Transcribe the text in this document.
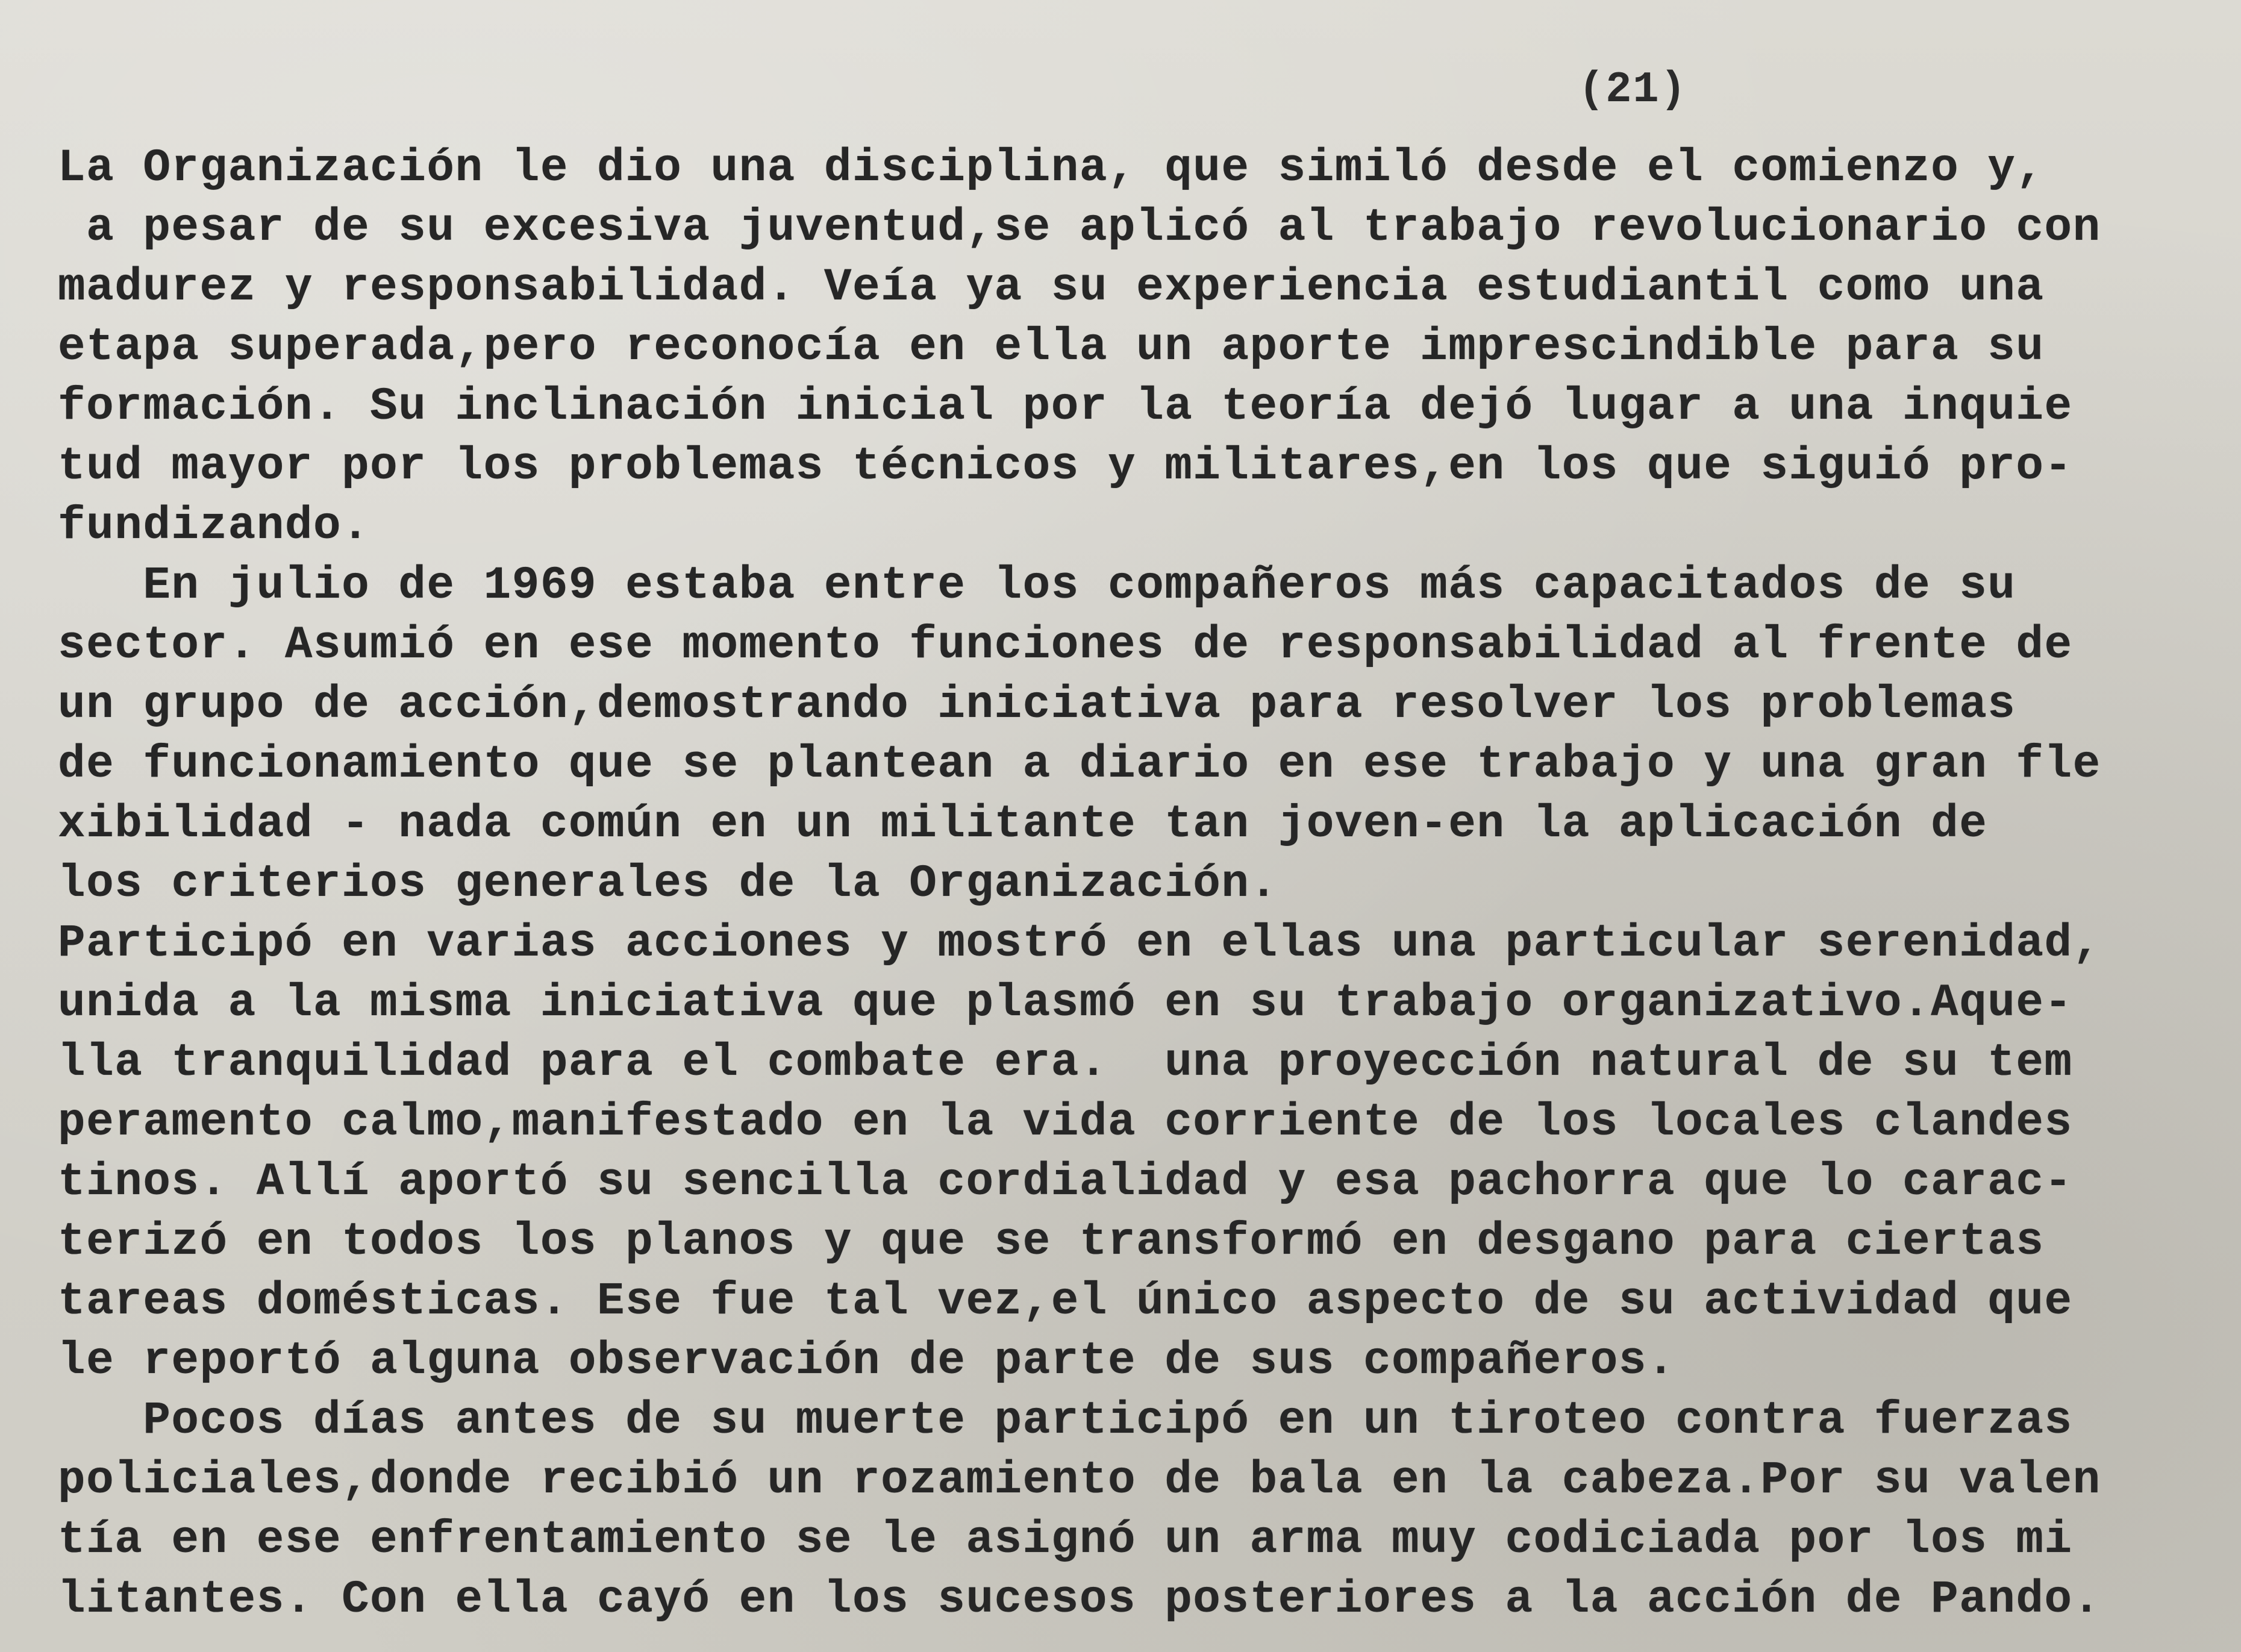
(21)
La Organización le dio una disciplina, que similó desde el comienzo y,
a pesar de su excesiva juventud,se aplicó al trabajo revolucionario con
madurez y responsabilidad. Veía ya su experiencia estudiantil como una
etapa superada,pero reconocía en ella un aporte imprescindible para su
formación. Su inclinación inicial por la teoría dejó lugar a una inquie
tud mayor por los problemas técnicos y militares,en los que siguió pro-
fundizando.
En julio de 1969 estaba entre los compañeros más capacitados de su
sector. Asumió en ese momento funciones de responsabilidad al frente de
un grupo de acción,demostrando iniciativa para resolver los problemas
de funcionamiento que se plantean a diario en ese trabajo y una gran fle
xibilidad - nada común en un militante tan joven-en la aplicación de
los criterios generales de la Organización.
Participó en varias acciones y mostró en ellas una particular serenidad,
unida a la misma iniciativa que plasmó en su trabajo organizativo.Aque-
lla tranquilidad para el combate era.  una proyección natural de su tem
peramento calmo,manifestado en la vida corriente de los locales clandes
tinos. Allí aportó su sencilla cordialidad y esa pachorra que lo carac-
terizó en todos los planos y que se transformó en desgano para ciertas
tareas domésticas. Ese fue tal vez,el único aspecto de su actividad que
le reportó alguna observación de parte de sus compañeros.
Pocos días antes de su muerte participó en un tiroteo contra fuerzas
policiales,donde recibió un rozamiento de bala en la cabeza.Por su valen
tía en ese enfrentamiento se le asignó un arma muy codiciada por los mi
litantes. Con ella cayó en los sucesos posteriores a la acción de Pando.
